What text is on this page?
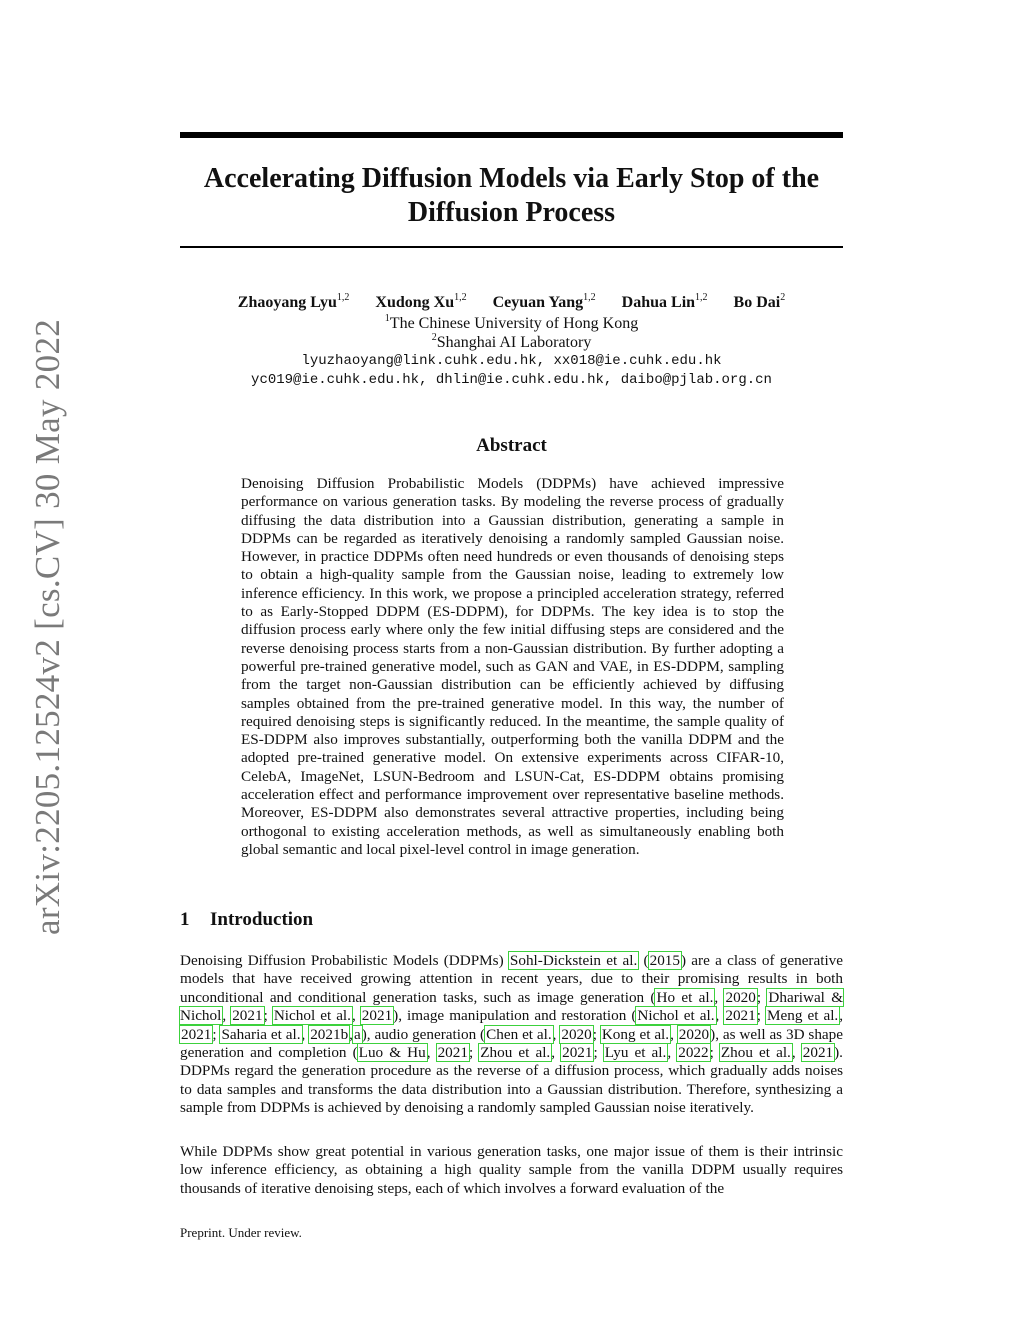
arXiv:2205.12524v2 [cs.CV] 30 May 2022
Accelerating Diffusion Models via Early Stop of the Diffusion Process
Zhaoyang Lyu$^{1,2}$ Xudong Xu$^{1,2}$ Ceyuan Yang$^{1,2}$ Dahua Lin$^{1,2}$ Bo Dai$^2$
$^1$The Chinese University of Hong Kong
$^2$Shanghai AI Laboratory
lyuzhaoyang@link.cuhk.edu.hk, xx018@ie.cuhk.edu.hk
yc019@ie.cuhk.edu.hk, dhlin@ie.cuhk.edu.hk, daibo@pjlab.org.cn
Abstract

Denoising Diffusion Probabilistic Models (DDPMs) have achieved impressive performance on various generation tasks. By modeling the reverse process of gradually diffusing the data distribution into a Gaussian distribution, generating a sample in DDPMs can be regarded as iteratively denoising a randomly sampled Gaussian noise. However, in practice DDPMs often need hundreds or even thousands of denoising steps to obtain a high-quality sample from the Gaussian noise, leading to extremely low inference efficiency. In this work, we propose a principled acceleration strategy, referred to as Early-Stopped DDPM (ES-DDPM), for DDPMs. The key idea is to stop the diffusion process early where only the few initial diffusing steps are considered and the reverse denoising process starts from a non-Gaussian distribution. By further adopting a powerful pre-trained generative model, such as GAN and VAE, in ES-DDPM, sampling from the target non-Gaussian distribution can be efficiently achieved by diffusing samples obtained from the pre-trained generative model. In this way, the number of required denoising steps is significantly reduced. In the meantime, the sample quality of ES-DDPM also improves substantially, outperforming both the vanilla DDPM and the adopted pre-trained generative model. On extensive experiments across CIFAR-10, CelebA, ImageNet, LSUN-Bedroom and LSUN-Cat, ES-DDPM obtains promising acceleration effect and performance improvement over representative baseline methods. Moreover, ES-DDPM also demonstrates several attractive properties, including being orthogonal to existing acceleration methods, as well as simultaneously enabling both global semantic and local pixel-level control in image generation.

1 Introduction

Denoising Diffusion Probabilistic Models (DDPMs) Sohl-Dickstein et al. (2015) are a class of generative models that have received growing attention in recent years, due to their promising results in both unconditional and conditional generation tasks, such as image generation (Ho et al., 2020; Dhariwal & Nichol, 2021; Nichol et al., 2021), image manipulation and restoration (Nichol et al., 2021; Meng et al., 2021; Saharia et al., 2021b,a), audio generation (Chen et al., 2020; Kong et al., 2020), as well as 3D shape generation and completion (Luo & Hu, 2021; Zhou et al., 2021; Lyu et al., 2022; Zhou et al., 2021). DDPMs regard the generation procedure as the reverse of a diffusion process, which gradually adds noises to data samples and transforms the data distribution into a Gaussian distribution. Therefore, synthesizing a sample from DDPMs is achieved by denoising a randomly sampled Gaussian noise iteratively.

While DDPMs show great potential in various generation tasks, one major issue of them is their intrinsic low inference efficiency, as obtaining a high quality sample from the vanilla DDPM usually requires thousands of iterative denoising steps, each of which involves a forward evaluation of the

Preprint. Under review.
